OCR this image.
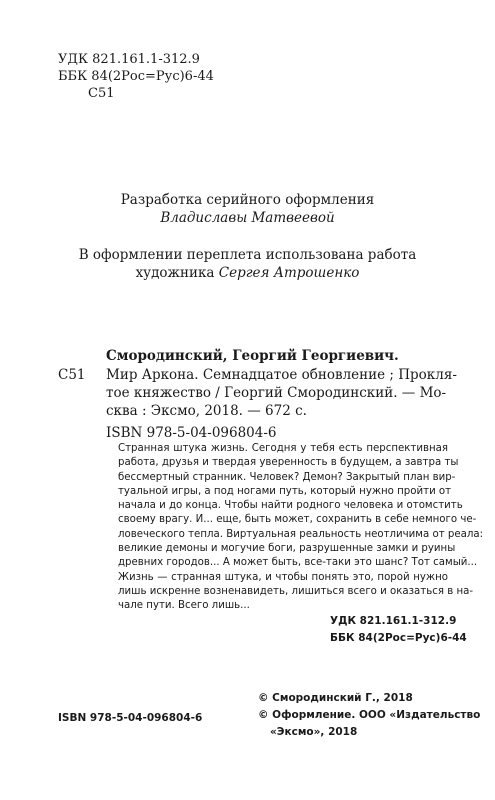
УДК 821.161.1-312.9
ББК 84(2Рос=Рус)6-44
С51
Разработка серийного оформления
Владиславы Матвеевой
В оформлении переплета использована работа
художника Сергея Атрошенко
Смородинский, Георгий Георгиевич.
С51 Мир Аркона. Семнадцатое обновление ; Прокля-
тое княжество / Георгий Смородинский. — Мо-
сква : Эксмо, 2018. — 672 с.
ISBN 978-5-04-096804-6
Странная штука жизнь. Сегодня у тебя есть перспективная
работа, друзья и твердая уверенность в будущем, а завтра ты
бессмертный странник. Человек? Демон? Закрытый план вир-
туальной игры, а под ногами путь, который нужно пройти от
начала и до конца. Чтобы найти родного человека и отомстить
своему врагу. И... еще, быть может, сохранить в себе немного че-
ловеческого тепла. Виртуальная реальность неотличима от реала:
великие демоны и могучие боги, разрушенные замки и руины
древних городов... А может быть, все-таки это шанс? Тот самый...
Жизнь — странная штука, и чтобы понять это, порой нужно
лишь искренне возненавидеть, лишиться всего и оказаться в на-
чале пути. Всего лишь...
УДК 821.161.1-312.9
ББК 84(2Рос=Рус)6-44
© Смородинский Г., 2018
© Оформление. ООО «Издательство
«Эксмо», 2018
ISBN 978-5-04-096804-6
